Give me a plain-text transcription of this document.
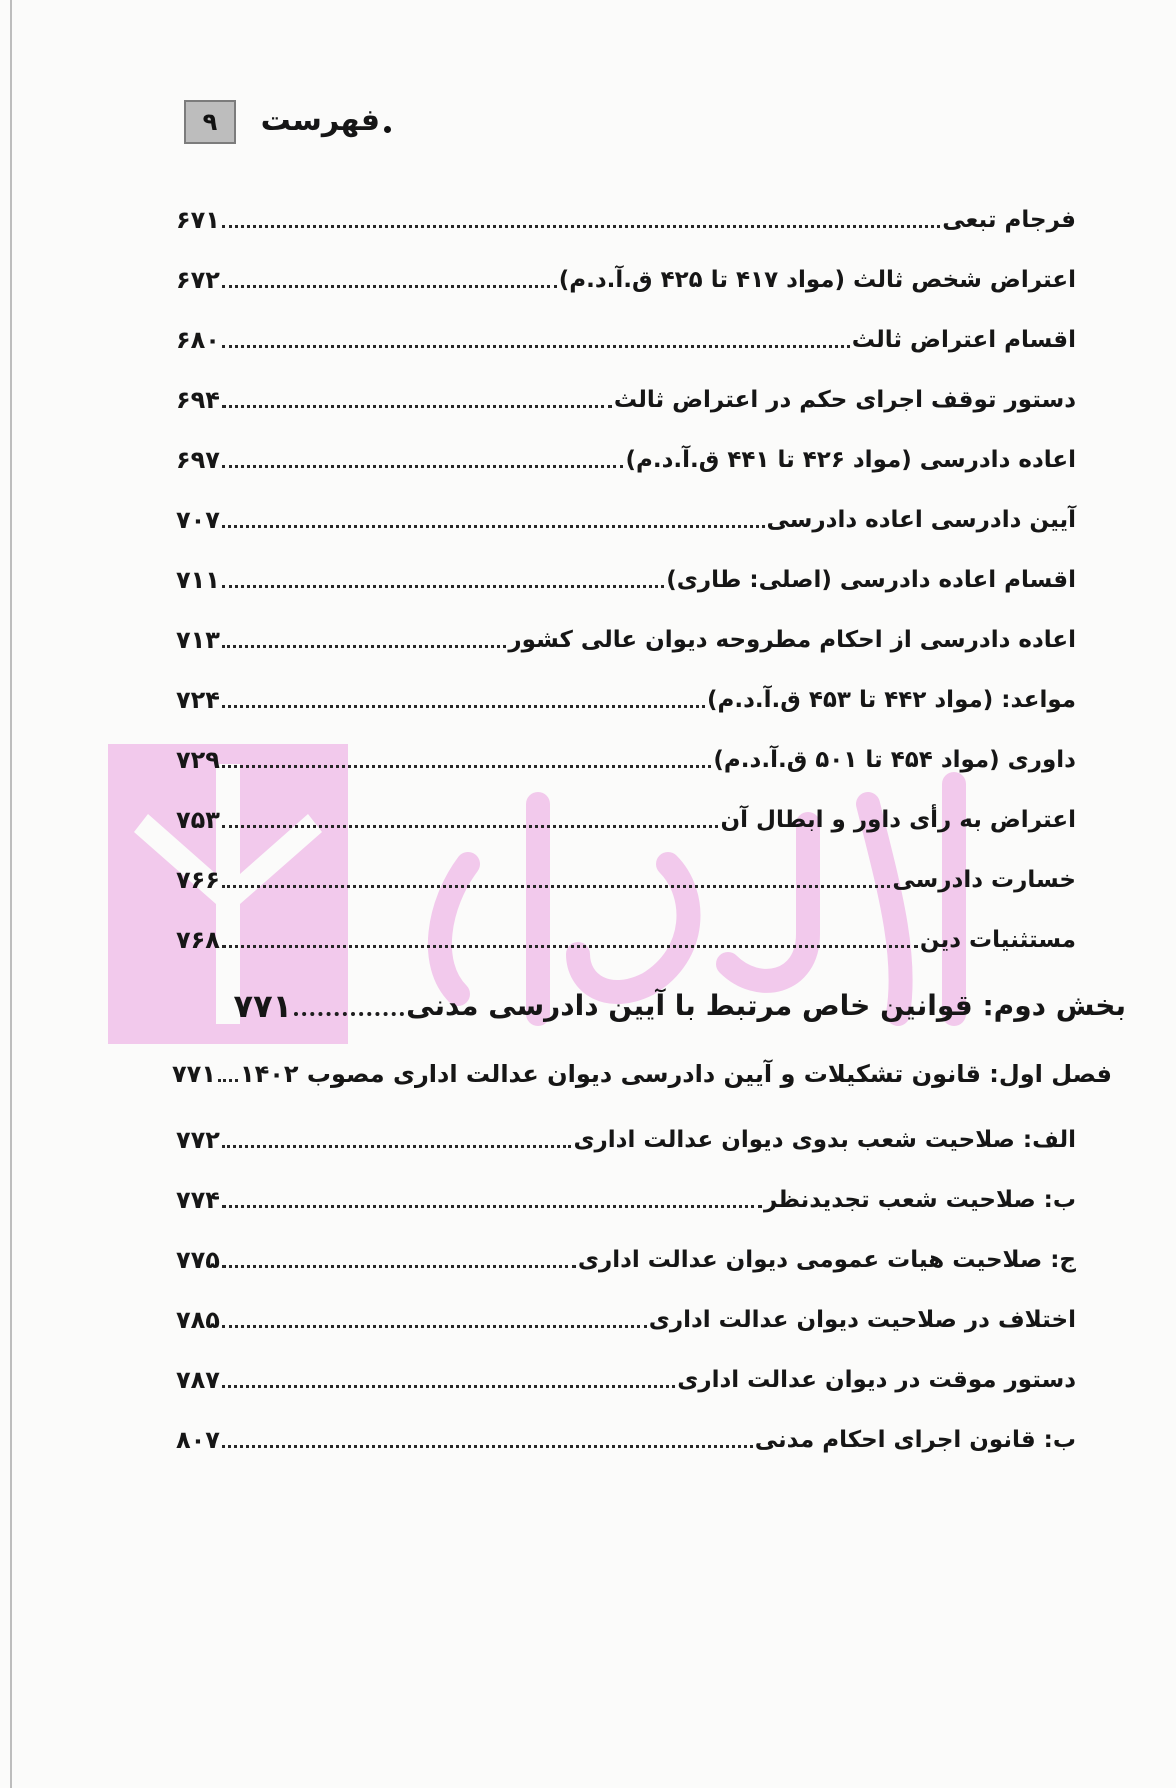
۹	فهرست
فرجام تبعی
۶۷۱
اعتراض شخص ثالث (مواد ۴۱۷ تا ۴۲۵ ق.آ.د.م)
۶۷۲
اقسام اعتراض ثالث
۶۸۰
دستور توقف اجرای حکم در اعتراض ثالث
۶۹۴
اعاده دادرسی (مواد ۴۲۶ تا ۴۴۱ ق.آ.د.م)
۶۹۷
آیین دادرسی اعاده دادرسی
۷۰۷
اقسام اعاده دادرسی (اصلی: طاری)
۷۱۱
اعاده دادرسی از احکام مطروحه دیوان عالی کشور
۷۱۳
مواعد: (مواد ۴۴۲ تا ۴۵۳ ق.آ.د.م)
۷۲۴
داوری (مواد ۴۵۴ تا ۵۰۱ ق.آ.د.م)
۷۲۹
اعتراض به رأی داور و ابطال آن
۷۵۳
خسارت دادرسی
۷۶۶
مستثنیات دین
۷۶۸
بخش دوم: قوانین خاص مرتبط با آیین دادرسی مدنی
۷۷۱
فصل اول: قانون تشکیلات و آیین دادرسی دیوان عدالت اداری مصوب ۱۴۰۲
۷۷۱
الف: صلاحیت شعب بدوی دیوان عدالت اداری
۷۷۲
ب: صلاحیت شعب تجدیدنظر
۷۷۴
ج: صلاحیت هیات عمومی دیوان عدالت اداری
۷۷۵
اختلاف در صلاحیت دیوان عدالت اداری
۷۸۵
دستور موقت در دیوان عدالت اداری
۷۸۷
ب: قانون اجرای احکام مدنی
۸۰۷
